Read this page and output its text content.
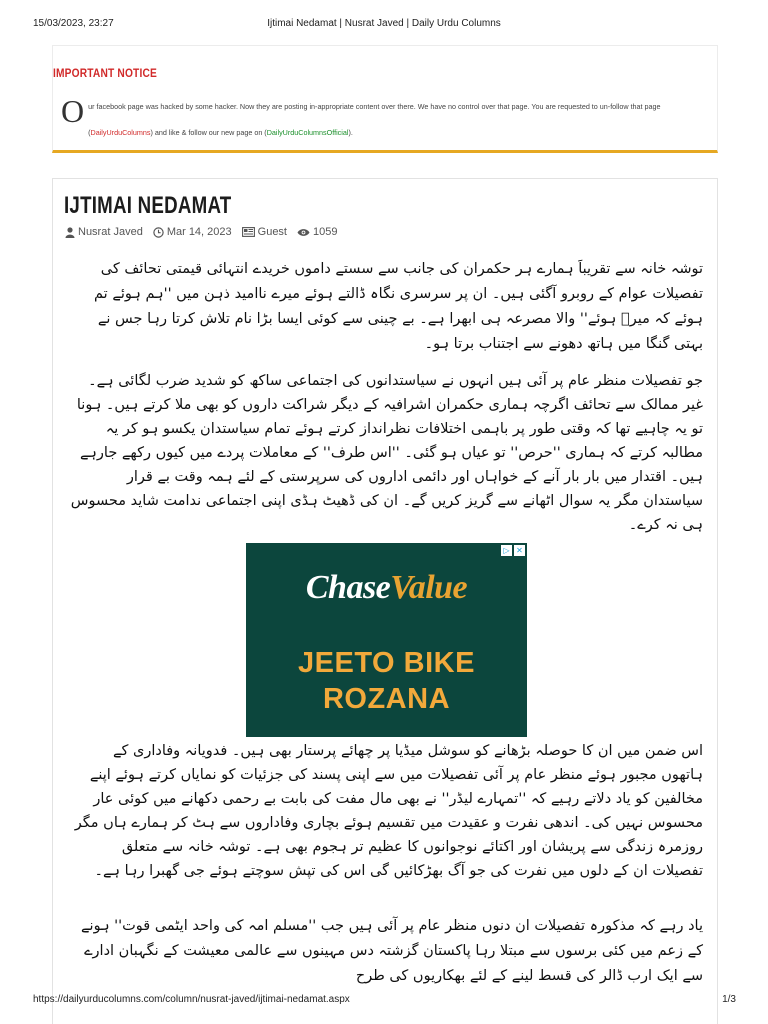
15/03/2023, 23:27	Ijtimai Nedamat | Nusrat Javed | Daily Urdu Columns
IMPORTANT NOTICE
O ur facebook page was hacked by some hacker. Now they are posting in-appropriate content over there. We have no control over that page. You are requested to un-follow that page (DailyUrduColumns) and like & follow our new page on (DailyUrduColumnsOfficial).
IJTIMAI NEDAMAT
Nusrat Javed Mar 14, 2023 Guest 1059

توشہ خانہ سے تقریباََ ہمارے ہر حکمران کی جانب سے سستے داموں خریدے انتہائی قیمتی تحائف کی تفصیلات عوام کے روبرو آگئی ہیں۔ ان پر سرسری نگاہ ڈالتے ہوئے میرے ناامید ذہن میں ''ہم ہوئے تم ہوئے کہ میرؔ ہوئے'' والا مصرعہ ہی ابھرا ہے۔ بے چینی سے کوئی ایسا بڑا نام تلاش کرتا رہا جس نے بہتی گنگا میں ہاتھ دھونے سے اجتناب برتا ہو۔

جو تفصیلات منظر عام پر آئی ہیں انہوں نے سیاستدانوں کی اجتماعی ساکھ کو شدید ضرب لگائی ہے۔ غیر ممالک سے تحائف اگرچہ ہماری حکمران اشرافیہ کے دیگر شراکت داروں کو بھی ملا کرتے ہیں۔ ہونا تو یہ چاہیے تھا کہ وقتی طور پر باہمی اختلافات نظرانداز کرتے ہوئے تمام سیاستدان یکسو ہو کر یہ مطالبہ کرتے کہ ہماری ''حرص'' تو عیاں ہو گئی۔ ''اس طرف'' کے معاملات پردے میں کیوں رکھے جارہے ہیں۔ اقتدار میں بار بار آنے کے خواہاں اور دائمی اداروں کی سرپرستی کے لئے ہمہ وقت بے قرار سیاستدان مگر یہ سوال اٹھانے سے گریز کریں گے۔ ان کی ڈھیٹ ہڈی اپنی اجتماعی ندامت شاید محسوس ہی نہ کرے۔

▷ ✕
ChaseValue
JEETO BIKE
ROZANA

اس ضمن میں ان کا حوصلہ بڑھانے کو سوشل میڈیا پر چھائے پرستار بھی ہیں۔ فدویانہ وفاداری کے ہاتھوں مجبور ہوئے منظر عام پر آئی تفصیلات میں سے اپنی پسند کی جزئیات کو نمایاں کرتے ہوئے اپنے مخالفین کو یاد دلاتے رہیے کہ ''تمہارے لیڈر'' نے بھی مال مفت کی بابت بے رحمی دکھانے میں کوئی عار محسوس نہیں کی۔ اندھی نفرت و عقیدت میں تقسیم ہوئے بچاری وفاداروں سے ہٹ کر ہمارے ہاں مگر روزمرہ زندگی سے پریشان اور اکتائے نوجوانوں کا عظیم تر ہجوم بھی ہے۔ توشہ خانہ سے متعلق تفصیلات ان کے دلوں میں نفرت کی جو آگ بھڑکائیں گی اس کی تپش سوچتے ہوئے جی گھبرا رہا ہے۔

یاد رہے کہ مذکورہ تفصیلات ان دنوں منظر عام پر آئی ہیں جب ''مسلم امہ کی واحد ایٹمی قوت'' ہونے کے زعم میں کئی برسوں سے مبتلا رہا پاکستان گزشتہ دس مہینوں سے عالمی معیشت کے نگہبان ادارے سے ایک ارب ڈالر کی قسط لینے کے لئے بھکاریوں کی طرح

https://dailyurducolumns.com/column/nusrat-javed/ijtimai-nedamat.aspx	1/3
